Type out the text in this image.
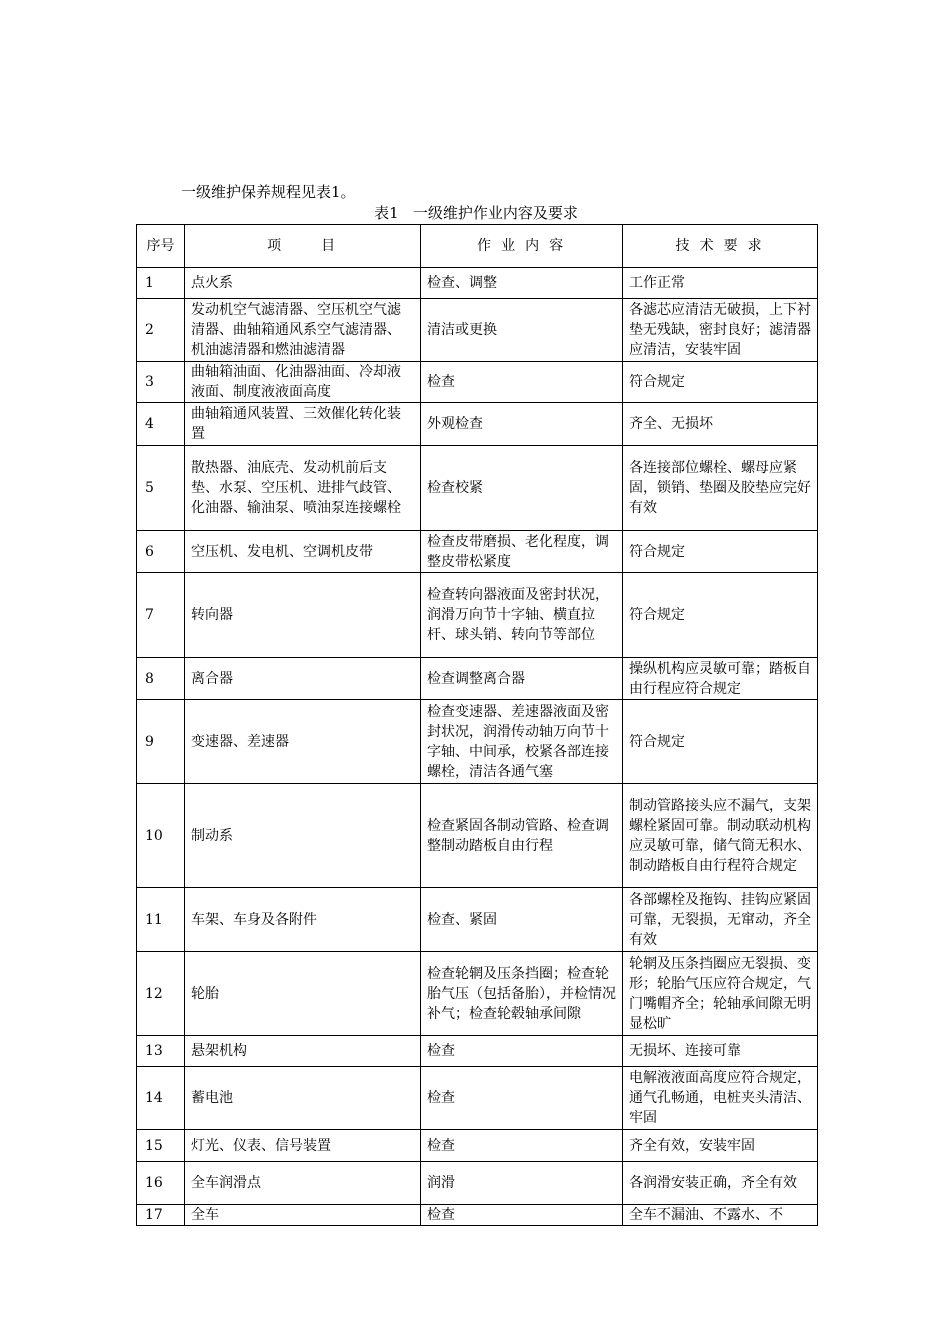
一级维护保养规程见表1。
表1   一级维护作业内容及要求
序号	项 目	作 业 内 容	技 术 要 求
1	点火系	检查、调整	工作正常
2	发动机空气滤清器、空压机空气滤清器、曲轴箱通风系空气滤清器、机油滤清器和燃油滤清器	清洁或更换	各滤芯应清洁无破损，上下衬垫无残缺，密封良好；滤清器应清洁，安装牢固
3	曲轴箱油面、化油器油面、冷却液液面、制度液液面高度	检查	符合规定
4	曲轴箱通风装置、三效催化转化装置	外观检查	齐全、无损坏
5	散热器、油底壳、发动机前后支垫、水泵、空压机、进排气歧管、化油器、输油泵、喷油泵连接螺栓	检查校紧	各连接部位螺栓、螺母应紧固，锁销、垫圈及胶垫应完好有效
6	空压机、发电机、空调机皮带	检查皮带磨损、老化程度，调整皮带松紧度	符合规定
7	转向器	检查转向器液面及密封状况，润滑万向节十字轴、横直拉杆、球头销、转向节等部位	符合规定
8	离合器	检查调整离合器	操纵机构应灵敏可靠；踏板自由行程应符合规定
9	变速器、差速器	检查变速器、差速器液面及密封状况，润滑传动轴万向节十字轴、中间承，校紧各部连接螺栓，清洁各通气塞	符合规定
10	制动系	检查紧固各制动管路、检查调整制动踏板自由行程	制动管路接头应不漏气，支架螺栓紧固可靠。制动联动机构应灵敏可靠，储气筒无积水、制动踏板自由行程符合规定
11	车架、车身及各附件	检查、紧固	各部螺栓及拖钩、挂钩应紧固可靠，无裂损，无窜动，齐全有效
12	轮胎	检查轮辋及压条挡圈；检查轮胎气压（包括备胎），并检情况补气；检查轮毂轴承间隙	轮辋及压条挡圈应无裂损、变形；轮胎气压应符合规定，气门嘴帽齐全；轮轴承间隙无明显松旷
13	悬架机构	检查	无损坏、连接可靠
14	蓄电池	检查	电解液液面高度应符合规定，通气孔畅通，电桩夹头清洁、牢固
15	灯光、仪表、信号装置	检查	齐全有效，安装牢固
16	全车润滑点	润滑	各润滑安装正确，齐全有效
17	全车	检查	全车不漏油、不露水、不
